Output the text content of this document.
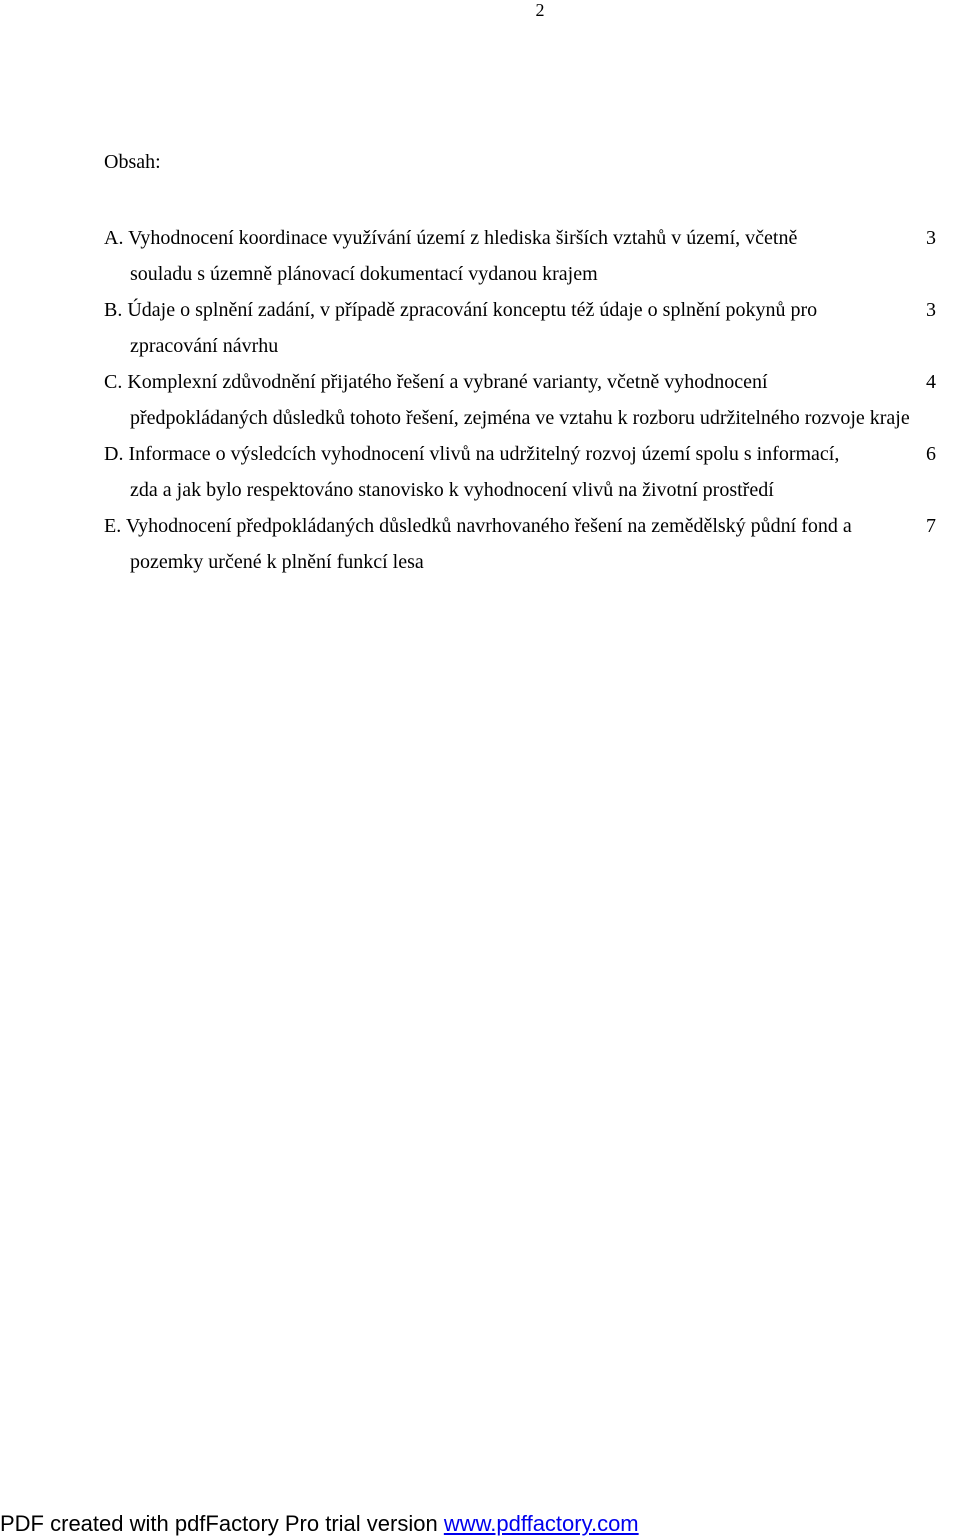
2
Obsah:
A. Vyhodnocení koordinace využívání území z hlediska širších vztahů v území, včetně
souladu s územně plánovací dokumentací vydanou krajem
3
B. Údaje o splnění zadání, v případě zpracování konceptu též údaje o splnění pokynů pro
zpracování návrhu
3
C. Komplexní zdůvodnění přijatého řešení a vybrané varianty, včetně vyhodnocení
předpokládaných důsledků tohoto řešení, zejména ve vztahu k rozboru udržitelného rozvoje kraje
4
D. Informace o výsledcích vyhodnocení vlivů na udržitelný rozvoj území spolu s informací,
zda a jak bylo respektováno stanovisko k vyhodnocení vlivů na životní prostředí
6
E. Vyhodnocení předpokládaných důsledků navrhovaného řešení na zemědělský půdní fond a
pozemky určené k plnění funkcí lesa
7
PDF created with pdfFactory Pro trial version www.pdffactory.com
